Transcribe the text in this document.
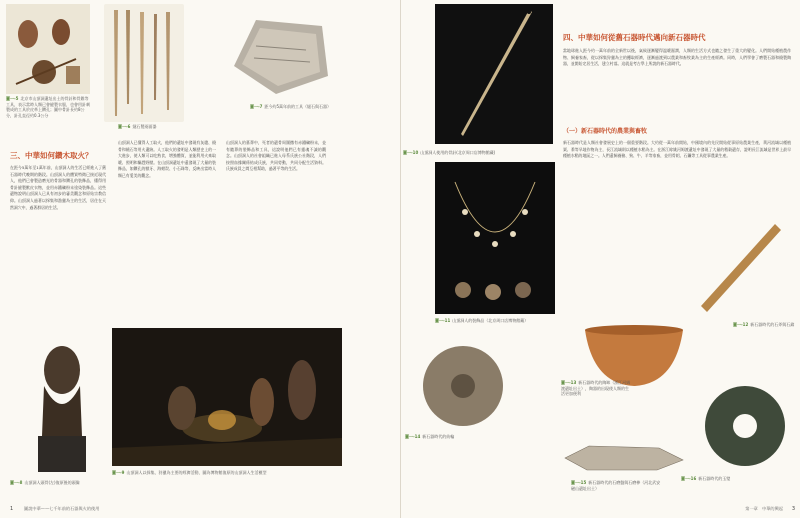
圖一-5 北京市山頂洞遺址出土的骨針和骨錐等工具，表示當時人類已會縫製衣服，也會用針刺製成的工具於皮革上鑽孔；圖中骨針長約8公分，針孔直徑約0.3公分
圖一-6 燧石製兩面器
圖一-7 距今約5萬年前的工具（燧石與石器）
三、中華如何鑽木取火？
在距今5萬年至1萬年前，山頂洞人的生活已經進入了舊石器時代晚期的階段。山頂洞人的體質特徵已接近現代人，他們已會製造磨光的骨器和鑽孔的裝飾品，懂得用骨針縫製獸皮衣物，並用赤鐵礦粉末塗染裝飾品。這些遺物說明山頂洞人已具有初步的審美觀念和原始宗教信仰。山頂洞人過著以採集和漁獵為主的生活，居住在天然洞穴中，過著群居的生活。
山頂洞人已懂得人工取火，他們的遺址中發現有灰燼、燒骨和燒石等用火遺跡。人工取火的發明是人類歷史上的一大進步，使人類可以吃熟食，增強體質，並能利用火來取暖、照明和驅趕野獸。在山頂洞遺址中還發現了大量的裝飾品，如鑽孔的獸牙、海蚶殼、小石珠等，反映出當時人類已有愛美的觀念。
山頂洞人的墓葬中，死者的遺骨周圍撒有赤鐵礦粉末，並有隨葬的裝飾品和工具，這說明他們已有靈魂不滅的觀念。山頂洞人的社會組織已進入母系氏族公社階段，人們按照血緣關係結成氏族，共同勞動，共同分配生活資料。氏族成員之間互相幫助，過著平等的生活。
圖一-8 山頂洞人頭骨(左)復原後的頭像
圖一-9 山頂洞人以採集、狩獵為主要的經濟活動，圖為博物館復原的山頂洞人生活模型
1	圖說中華——七千年前的石器與火的使用
圖一-10 山頂洞人使用的骨針(北京周口店博物館藏)
四、中華如何從舊石器時代邁向新石器時代
當地球進入距今約一萬年前的全新世以後，氣候逐漸變得溫暖濕潤，人類的生活方式也隨之發生了重大的變化。人們開始種植農作物、飼養家畜，從以採集狩獵為主的攫取經濟，逐漸過渡到以農業和畜牧業為主的生產經濟。同時，人們學會了磨製石器和燒製陶器，並開始定居生活，建立村落。這就是考古學上所說的新石器時代。
（一）新石器時代的農業與畜牧
新石器時代是人類社會發展史上的一個重要階段。大約從一萬年前開始，中國境內的先民開始從事原始農業生產，黃河流域以種植粟、黍等旱地作物為主，長江流域則以種植水稻為主。在浙江餘姚河姆渡遺址中發現了大量的稻穀遺存，證明長江流域是世界上最早種植水稻的地區之一。人們還飼養豬、狗、牛、羊等家畜，並用骨耜、石鐮等工具從事農業生產。
圖一-11 山頂洞人的裝飾品（北京周口店博物館藏）
圖一-12 新石器時代的石斧與石錛
圖一-13 新石器時代的陶缽（浙江河姆渡遺址出土），陶器的出現使人類的生活更加便利
圖一-14 新石器時代的紡輪
圖一-15 新石器時代的石磨盤與石磨棒（河北武安磁山遺址出土）
圖一-16 新石器時代的玉璧
第一章　中華的興起 3
